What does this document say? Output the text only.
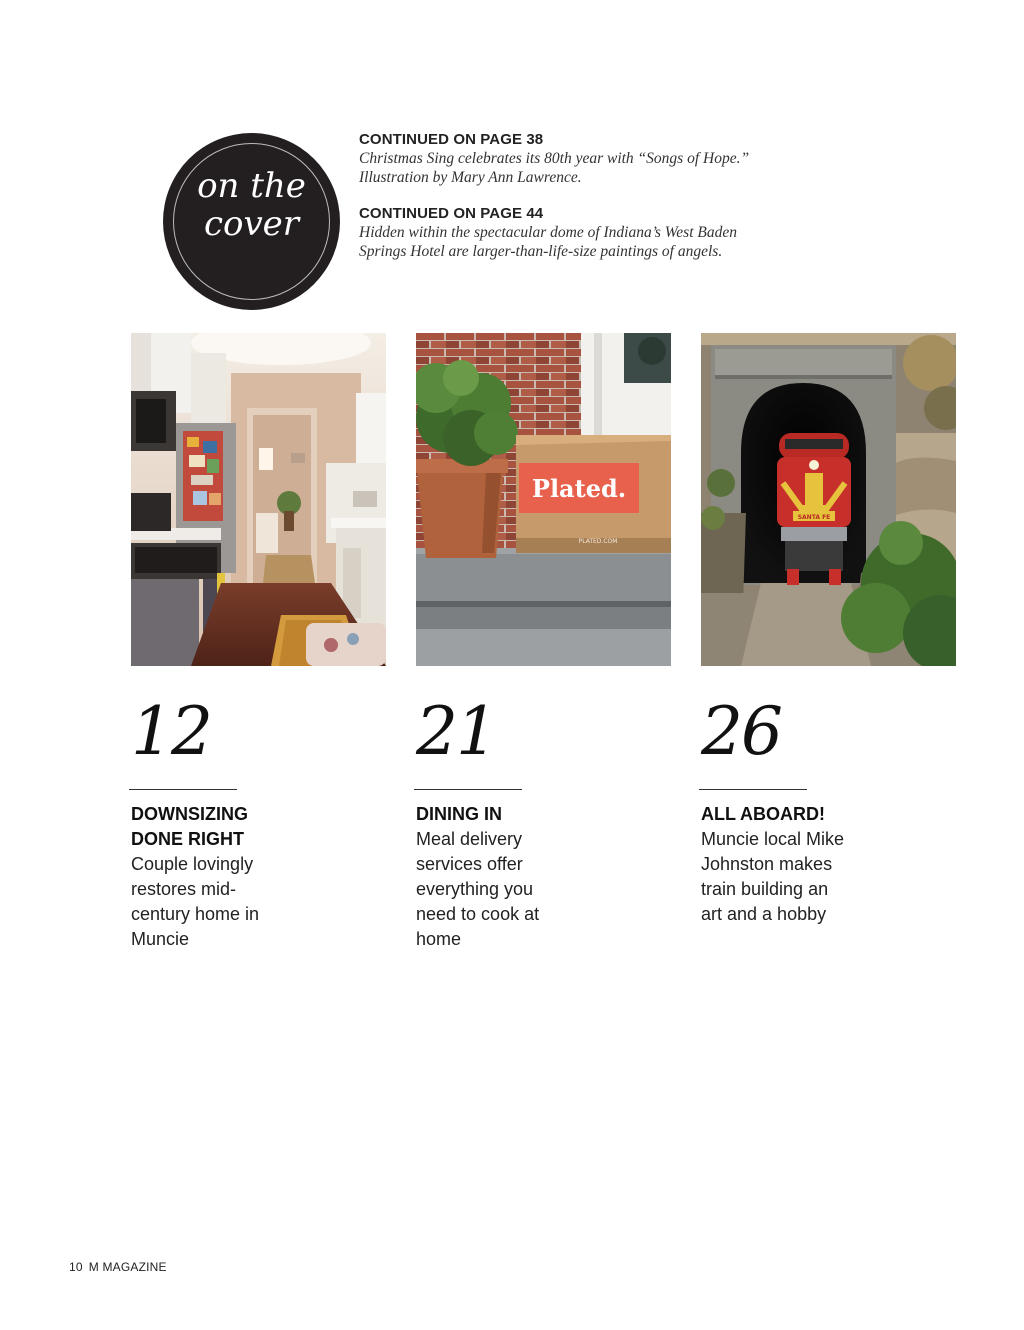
on the
cover
CONTINUED ON PAGE 38
Christmas Sing celebrates its 80th year with “Songs of Hope.” Illustration by Mary Ann Lawrence.
CONTINUED ON PAGE 44
Hidden within the spectacular dome of Indiana’s West Baden Springs Hotel are larger-than-life-size paintings of angels.
Plated.
PLATED.COM
SANTA FE
12
DOWNSIZING DONE RIGHT
Couple lovingly restores mid-century home in Muncie
21
DINING IN
Meal delivery services offer everything you need to cook at home
26
ALL ABOARD!
Muncie local Mike Johnston makes train building an art and a hobby
10 M MAGAZINE
